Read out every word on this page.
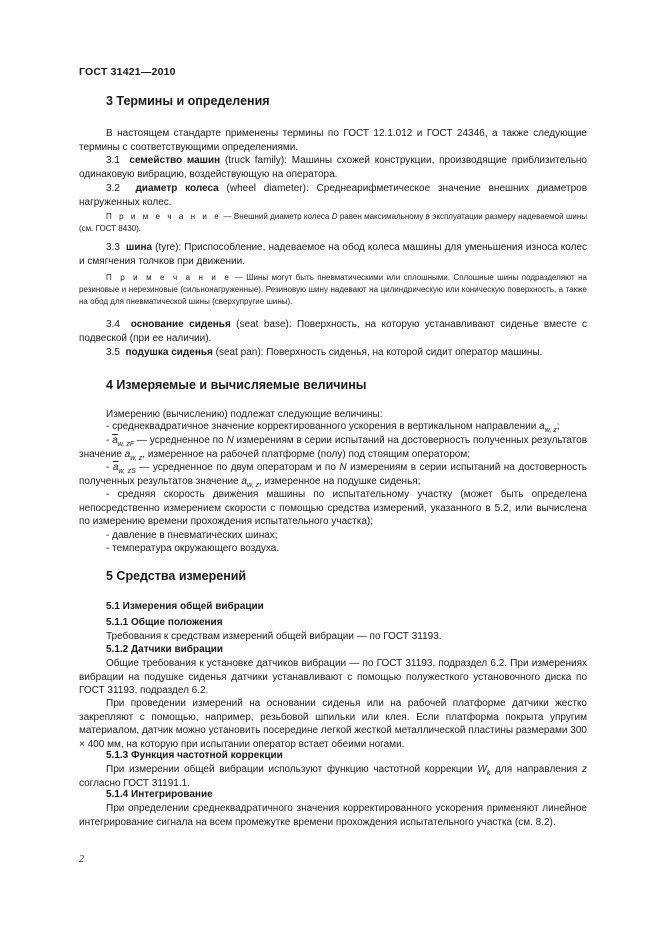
ГОСТ 31421—2010
3 Термины и определения

В настоящем стандарте применены термины по ГОСТ 12.1.012 и ГОСТ 24346, а также следующие термины с соответствующими определениями.

3.1 семейство машин (truck family): Машины схожей конструкции, производящие приблизительно одинаковую вибрацию, воздействующую на оператора.

3.2 диаметр колеса (wheel diameter): Среднеарифметическое значение внешних диаметров нагруженных колес.

П р и м е ч а н и е — Внешний диаметр колеса D равен максимальному в эксплуатации размеру надеваемой шины (см. ГОСТ 8430).

3.3 шина (tyre): Приспособление, надеваемое на обод колеса машины для уменьшения износа колес и смягчения толчков при движении.

П р и м е ч а н и е — Шины могут быть пневматическими или сплошными. Сплошные шины подразделяют на резиновые и нерезиновые (сильнонагруженные). Резиновую шину надевают на цилиндрическую или коническую поверхность, а также на обод для пневматической шины (сверхупругие шины).

3.4 основание сиденья (seat base): Поверхность, на которую устанавливают сиденье вместе с подвеской (при ее наличии).

3.5 подушка сиденья (seat pan): Поверхность сиденья, на которой сидит оператор машины.

4 Измеряемые и вычисляемые величины

Измерению (вычислению) подлежат следующие величины:

- среднеквадратичное значение корректированного ускорения в вертикальном направлении $a_{w, z}$;

- $\overline{a}_{w, zF}$ — усредненное по N измерениям в серии испытаний на достоверность полученных результатов значение $a_{w, z}$, измеренное на рабочей платформе (полу) под стоящим оператором;

- $\overline{a}_{w, zS}$ — усредненное по двум операторам и по N измерениям в серии испытаний на достоверность полученных результатов значение $a_{w, z}$, измеренное на подушке сиденья;

- средняя скорость движения машины по испытательному участку (может быть определена непосредственно измерением скорости с помощью средства измерений, указанного в 5.2, или вычислена по измерению времени прохождения испытательного участка);

- давление в пневматических шинах;

- температура окружающего воздуха.

5 Средства измерений
5.1 Измерения общей вибрации
5.1.1 Общие положения

Требования к средствам измерений общей вибрации — по ГОСТ 31193.

5.1.2 Датчики вибрации

Общие требования к установке датчиков вибрации — по ГОСТ 31193, подраздел 6.2. При измерениях вибрации на подушке сиденья датчики устанавливают с помощью полужесткого установочного диска по ГОСТ 31193, подраздел 6.2.

При проведении измерений на основании сиденья или на рабочей платформе датчики жестко закрепляют с помощью, например, резьбовой шпильки или клея. Если платформа покрыта упругим материалом, датчик можно установить посередине легкой жесткой металлической пластины размерами 300 × 400 мм, на которую при испытании оператор встает обеими ногами.

5.1.3 Функция частотной коррекции

При измерении общей вибрации используют функцию частотной коррекции $W_k$ для направления z согласно ГОСТ 31191.1.

5.1.4 Интегрирование

При определении среднеквадратичного значения корректированного ускорения применяют линейное интегрирование сигнала на всем промежутке времени прохождения испытательного участка (см. 8.2).

2
